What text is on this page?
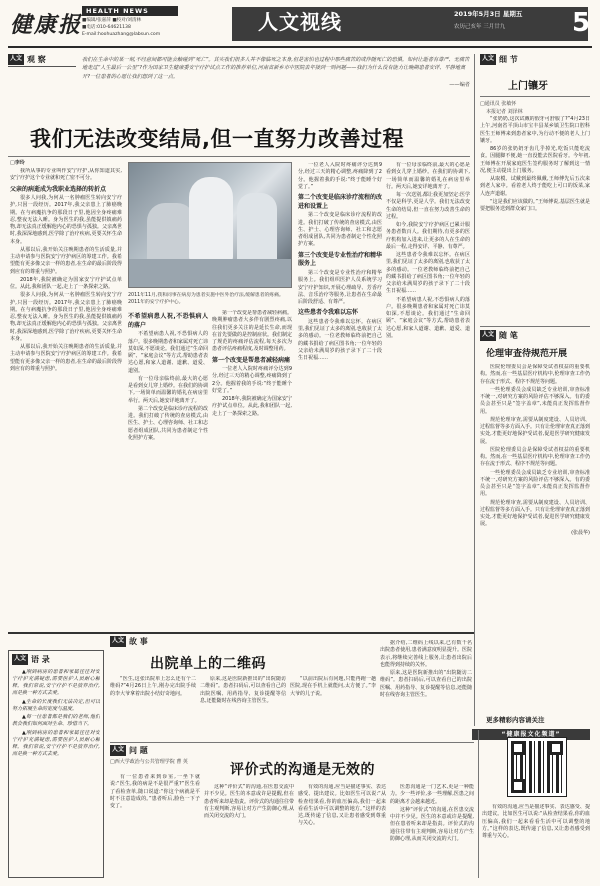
健康报
HEALTH NEWS
■编辑/张嘉萍 ■校对/刘清林
■电话:010-64621138
E-mail:hoohuazhang@labsun.com
人文视线	2019年5月3日 星期五
农历己亥年 三月廿九	5
人文 观 察	我们在生命中的某一刻,不经意间都可能会触碰到“死亡”。其实我们很多人并不像临死之本身,但是害怕也过程中那些痛苦的或伴随死亡的恐惧。如何让逝者有尊严、无痛苦地走过“人生最后一公里”?作为国家卫生健康委安宁疗护试点工作的推荐单位,河南省新乡市中医院去年接到一则问题——我们为什么没有能力让晚期患者安详、平静地离开?一位患者的心愿让我们想到了这一点。
——编者
我们无法改变结局,但一直努力改善过程
□李玲

我所从事的专业叫作安宁疗护,从你知道其实,安宁疗护这个专业就和死亡密不可分。

父亲的病逝成为我职业选择的转折点

很多人问我,为何从一名肿瘤医生转向安宁疗护,只因一段经历。2017年,我父亲患上了肺癌晚期。在与病魔抗争的那段日子里,他因全身疼痛难忍,整夜无法入睡。身为医生的我,虽能提供镇痛药物,却无法真正缓解他内心的恐惧与孤独。父亲离世时,我深深地感到,医学除了治疗疾病,更要关怀生命本身。

从那以后,我开始关注晚期患者的生活质量,并主动申请参与医院安宁疗护病区的筹建工作。我希望能有更多像父亲一样的患者,在生命的最后阶段得到应有的尊重与照护。

2018年,我院被确定为国家安宁疗护试点单位。从此,我和团队一起,走上了一条探索之路。

很多人问我,为何从一名肿瘤医生转向安宁疗护,只因一段经历。2017年,我父亲患上了肺癌晚期。在与病魔抗争的那段日子里,他因全身疼痛难忍,整夜无法入睡。身为医生的我,虽能提供镇痛药物,却无法真正缓解他内心的恐惧与孤独。父亲离世时,我深深地感到,医学除了治疗疾病,更要关怀生命本身。

从那以后,我开始关注晚期患者的生活质量,并主动申请参与医院安宁疗护病区的筹建工作。我希望能有更多像父亲一样的患者,在生命的最后阶段得到应有的尊重与照护。

2011年11月,我和同事在病房为患者实施中医外治疗法,缓解患者的疼痛。2011年的安宁疗护中心。

不希望病患人祝,不恐惧病人的落户

不希望病患人祝,不恐惧病人的落户。很多晚期患者和家属对死亡讳莫如深,不愿谈论。我们通过“生命回顾”、“家庭会议”等方式,帮助患者表达心愿,和家人道谢、道歉、道爱、道别。

有一位母亲临终前,最大的心愿是看到女儿穿上婚纱。在我们的协调下,一场简单而温馨的婚礼在病房里举行。两天后,她安详地离开了。

第二个改变是临床诊疗流程的改进。我们打破了传统的查房模式,由医生、护士、心理咨询师、社工和志愿者组成团队,共同为患者制定个性化照护方案。

第一个改变是帮患者减轻病痛。晚期肿瘤患者大多伴有剧烈疼痛,以往我们更多关注的是延长生命,而现在首先要做的是控制症状。我们制定了规范的疼痛评估流程,每天多次为患者评估疼痛程度,及时调整用药。

第一个改变是帮患者减轻病痛

一位老人入院时疼痛评分达到9分,经过三天的精心调整,疼痛降到了2分。他握着我的手说:“终于能睡个好觉了。”

2018年,我院被确定为国家安宁疗护试点单位。从此,我和团队一起,走上了一条探索之路。

一位老人入院时疼痛评分达到9分,经过三天的精心调整,疼痛降到了2分。他握着我的手说:“终于能睡个好觉了。”

第二个改变是临床诊疗流程的改进和设置上

第二个改变是临床诊疗流程的改进。我们打破了传统的查房模式,由医生、护士、心理咨询师、社工和志愿者组成团队,共同为患者制定个性化照护方案。

第三个改变是专业性治疗和精华服务上

第三个改变是专业性治疗和精华服务上。我们组织医护人员系统学习安宁疗护知识,开展心理疏导、芳香疗法、音乐治疗等服务,让患者在生命最后阶段舒适、有尊严。

这些患者令我难以忘怀

这些患者令我难以忘怀。在病区里,我们见证了太多的离别,也收获了太多的感动。一位老教师临终前把自己的藏书捐给了病区图书角;一位年轻的父亲给未满周岁的孩子录下了二十段生日祝福……

有一位母亲临终前,最大的心愿是看到女儿穿上婚纱。在我们的协调下,一场简单而温馨的婚礼在病房里举行。两天后,她安详地离开了。

每一次送别,都让我更加坚定:医学不仅是科学,更是人学。我们无法改变生命的结局,但一直在努力改善生命的过程。

如今,我院安宁疗护病区已累计服务患者数百人。我们期待,有更多的医疗机构加入进来,让更多的人在生命的最后一程,走得安详、平静、有尊严。

这些患者令我难以忘怀。在病区里,我们见证了太多的离别,也收获了太多的感动。一位老教师临终前把自己的藏书捐给了病区图书角;一位年轻的父亲给未满周岁的孩子录下了二十段生日祝福……

不希望病患人祝,不恐惧病人的落户。很多晚期患者和家属对死亡讳莫如深,不愿谈论。我们通过“生命回顾”、“家庭会议”等方式,帮助患者表达心愿,和家人道谢、道歉、道爱、道别。

人文 细 节
上门镶牙
□通讯员 张敏怀
本报记者 刘泽林

“张奶奶,这次试戴的假牙可舒服了?”4月23日上午,河南省平顶山市宝丰县某乡镇卫生院口腔科医生王师傅来到患者家中,为行动不便的老人上门镶牙。

86岁的张奶奶牙齿几乎掉光,吃饭只能吃流食。因腿脚不便,她一直没能去医院看牙。今年初,王师傅在开展家庭医生签约服务时了解到这一情况,便主动提出上门服务。

从取模、试戴到最终佩戴,王师傅先后五次来到老人家中。看着老人终于能吃上可口的饭菜,家人连声道谢。

“这是我们应该做的。”王师傅说,基层医生就是要把服务送到群众家门口。

人文 随 笔
伦理审查待规范开展

医院伦理委员会是保障受试者权益的重要机构。然而,在一些基层医疗机构中,伦理审查工作仍存在流于形式、程序不规范等问题。

一些伦理委员会成员缺乏专业培训,审查标准不统一,对研究方案的风险评估不够深入。有的委员会甚至只是“签字盖章”,未能真正发挥监督作用。

规范伦理审查,需要从制度建设、人员培训、过程监督等多方面入手。只有让伦理审查真正落到实处,才能更好地保护受试者,促进医学研究健康发展。

医院伦理委员会是保障受试者权益的重要机构。然而,在一些基层医疗机构中,伦理审查工作仍存在流于形式、程序不规范等问题。

一些伦理委员会成员缺乏专业培训,审查标准不统一,对研究方案的风险评估不够深入。有的委员会甚至只是“签字盖章”,未能真正发挥监督作用。

规范伦理审查,需要从制度建设、人员培训、过程监督等多方面入手。只有让伦理审查真正落到实处,才能更好地保护受试者,促进医学研究健康发展。

(张晨华)

更多精彩内容请关注
“健康报文化频道”
人文 故 事
出院单上的二维码

“医生,这张出院单上怎么还有个二维码?”4月26日上午,刚办完出院手续的李大爷拿着出院小结好奇地问。

原来,这是医院新推出的“出院随访二维码”。患者扫码后,可以查看自己的出院医嘱、用药指导、复诊提醒等信息,还能随时在线咨询主管医生。

“以前出院后有问题,只能再跑一趟医院,现在手机上就能问,太方便了。”李大爷的儿子说。

据介绍,二维码上线以来,已有数千名出院患者使用,患者满意度明显提升。医院表示,将继续完善线上服务,让患者出院后也能得到持续的关怀。

原来,这是医院新推出的“出院随访二维码”。患者扫码后,可以查看自己的出院医嘱、用药指导、复诊提醒等信息,还能随时在线咨询主管医生。

人文 问 题
□西大学政治与公共管理学院 曹 英	评价式的沟通是无效的

有一位患者来到诊室,一坐下就说:“医生,我的病是不是很严重?”医生看了看检查单,随口说道:“你这个病就是平时不注意造成的。”患者听后,脸色一下子变了。

这种“评价式”的沟通,在医患交流中并不少见。医生的本意或许是提醒,但在患者听来却是指责。评价式的沟通往往带有主观判断,容易让对方产生防御心理,从而关闭交流的大门。

有效的沟通,应当是描述事实、表达感受、提出建议。比如医生可以说:“从检查结果看,你的血压偏高,我们一起来看看生活中可以调整的地方。”这样的表达,既传递了信息,又让患者感受到尊重与关心。

医患沟通是一门艺术,更是一种能力。少一些评价,多一些理解,医患之间的距离才会越来越近。

这种“评价式”的沟通,在医患交流中并不少见。医生的本意或许是提醒,但在患者听来却是指责。评价式的沟通往往带有主观判断,容易让对方产生防御心理,从而关闭交流的大门。

有效的沟通,应当是描述事实、表达感受、提出建议。比如医生可以说:“从检查结果看,你的血压偏高,我们一起来看看生活中可以调整的地方。”这样的表达,既传递了信息,又让患者感受到尊重与关心。

人文 语 录

▲刚到病房的患者和家属往往对安宁疗护充满疑虑,需要医护人员耐心解释。我们常说,安宁疗护不是放弃治疗,而是换一种方式去爱。

▲生命的长度我们无法决定,但可以努力拓展生命的宽度与温度。

▲每一位患者都是我们的老师,他们教会我们如何面对生命、珍惜当下。

▲刚到病房的患者和家属往往对安宁疗护充满疑虑,需要医护人员耐心解释。我们常说,安宁疗护不是放弃治疗,而是换一种方式去爱。
